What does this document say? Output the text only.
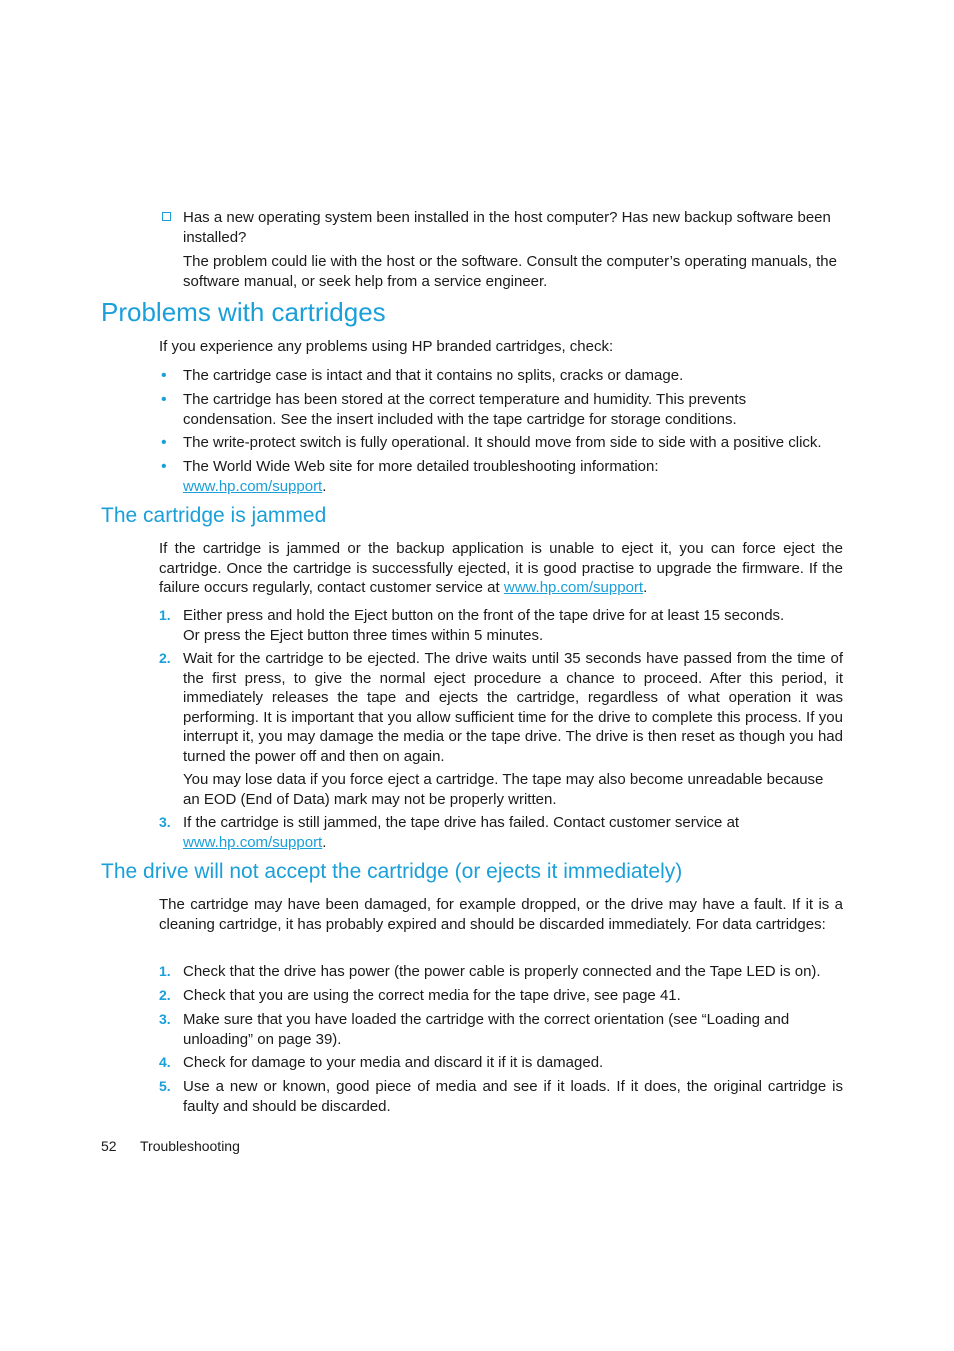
Has a new operating system been installed in the host computer? Has new backup software been installed?
The problem could lie with the host or the software. Consult the computer’s operating manuals, the software manual, or seek help from a service engineer.
Problems with cartridges
If you experience any problems using HP branded cartridges, check:
• The cartridge case is intact and that it contains no splits, cracks or damage.
• The cartridge has been stored at the correct temperature and humidity. This prevents condensation. See the insert included with the tape cartridge for storage conditions.
• The write-protect switch is fully operational. It should move from side to side with a positive click.
• The World Wide Web site for more detailed troubleshooting information:
www.hp.com/support.
The cartridge is jammed
If the cartridge is jammed or the backup application is unable to eject it, you can force eject the cartridge. Once the cartridge is successfully ejected, it is good practise to upgrade the firmware. If the failure occurs regularly, contact customer service at www.hp.com/support.
1. Either press and hold the Eject button on the front of the tape drive for at least 15 seconds.
Or press the Eject button three times within 5 minutes.
2. Wait for the cartridge to be ejected. The drive waits until 35 seconds have passed from the time of the first press, to give the normal eject procedure a chance to proceed. After this period, it immediately releases the tape and ejects the cartridge, regardless of what operation it was performing. It is important that you allow sufficient time for the drive to complete this process. If you interrupt it, you may damage the media or the tape drive. The drive is then reset as though you had turned the power off and then on again.
You may lose data if you force eject a cartridge. The tape may also become unreadable because an EOD (End of Data) mark may not be properly written.
3. If the cartridge is still jammed, the tape drive has failed. Contact customer service at
www.hp.com/support.
The drive will not accept the cartridge (or ejects it immediately)
The cartridge may have been damaged, for example dropped, or the drive may have a fault. If it is a cleaning cartridge, it has probably expired and should be discarded immediately. For data cartridges:
1. Check that the drive has power (the power cable is properly connected and the Tape LED is on).
2. Check that you are using the correct media for the tape drive, see page 41.
3. Make sure that you have loaded the cartridge with the correct orientation (see “Loading and unloading” on page 39).
4. Check for damage to your media and discard it if it is damaged.
5. Use a new or known, good piece of media and see if it loads. If it does, the original cartridge is faulty and should be discarded.
52 Troubleshooting
